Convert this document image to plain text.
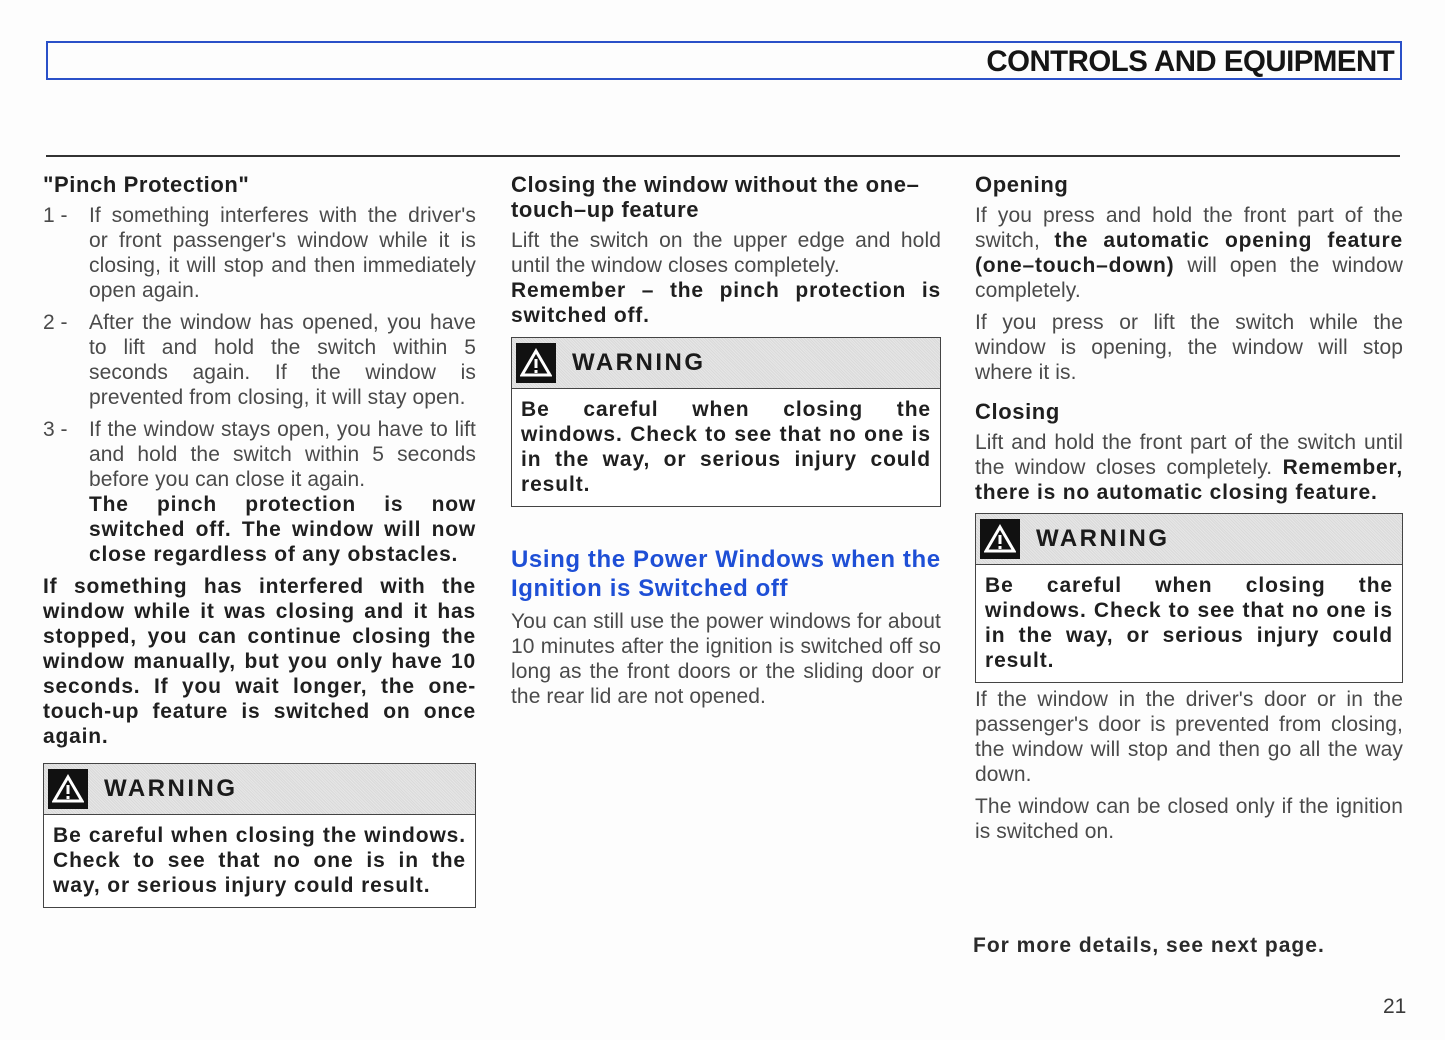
CONTROLS AND EQUIPMENT
"Pinch Protection"
1 -	If something interferes with the driver's or front passenger's window while it is closing, it will stop and then immediately open again.
2 -	After the window has opened, you have to lift and hold the switch within 5 seconds again. If the window is prevented from closing, it will stay open.
3 -	If the window stays open, you have to lift and hold the switch within 5 seconds before you can close it again.
The pinch protection is now switched off. The window will now close regardless of any obstacles.
If something has interfered with the window while it was closing and it has stopped, you can continue closing the window manually, but you only have 10 seconds. If you wait longer, the one-touch-up feature is switched on once again.
WARNING
Be careful when closing the windows. Check to see that no one is in the way, or serious injury could result.
Closing the window without the one–touch–up feature
Lift the switch on the upper edge and hold until the window closes completely.
Remember – the pinch protection is switched off.
WARNING
Be careful when closing the windows. Check to see that no one is in the way, or serious injury could result.
Using the Power Windows when the Ignition is Switched off
You can still use the power windows for about 10 minutes after the ignition is switched off so long as the front doors or the sliding door or the rear lid are not opened.
Opening
If you press and hold the front part of the switch, the automatic opening feature (one–touch–down) will open the window completely.
If you press or lift the switch while the window is opening, the window will stop where it is.
Closing
Lift and hold the front part of the switch until the window closes completely. Remember, there is no automatic closing feature.
WARNING
Be careful when closing the windows. Check to see that no one is in the way, or serious injury could result.
If the window in the driver's door or in the passenger's door is prevented from closing, the window will stop and then go all the way down.
The window can be closed only if the ignition is switched on.
For more details, see next page.
21
